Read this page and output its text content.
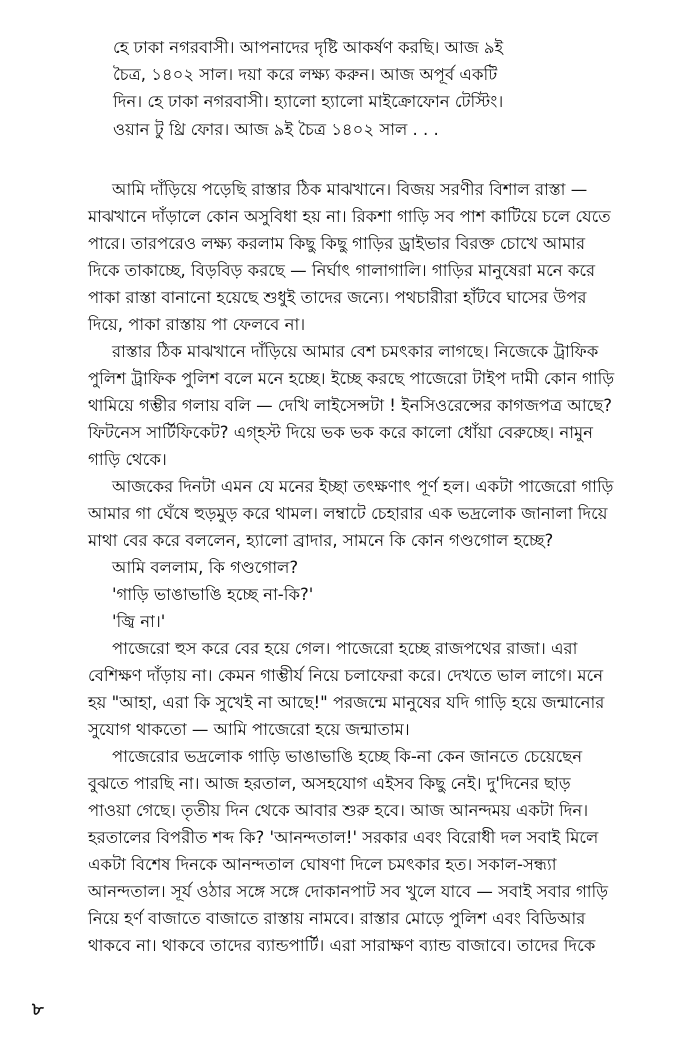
হে ঢাকা নগরবাসী। আপনাদের দৃষ্টি আকর্ষণ করছি। আজ ৯ই
চৈত্র, ১৪০২ সাল। দয়া করে লক্ষ্য করুন। আজ অপূর্ব একটি
দিন। হে ঢাকা নগরবাসী। হ্যালো হ্যালো মাইক্রোফোন টেস্টিং।
ওয়ান টু থ্রি ফোর। আজ ৯ই চৈত্র ১৪০২ সাল . . .
আমি দাঁড়িয়ে পড়েছি রাস্তার ঠিক মাঝখানে। বিজয় সরণীর বিশাল রাস্তা —
মাঝখানে দাঁড়ালে কোন অসুবিধা হয় না। রিকশা গাড়ি সব পাশ কাটিয়ে চলে যেতে
পারে। তারপরেও লক্ষ্য করলাম কিছু কিছু গাড়ির ড্রাইভার বিরক্ত চোখে আমার
দিকে তাকাচ্ছে, বিড়বিড় করছে — নির্ঘাৎ গালাগালি। গাড়ির মানুষেরা মনে করে
পাকা রাস্তা বানানো হয়েছে শুধুই তাদের জন্যে। পথচারীরা হাঁটবে ঘাসের উপর
দিয়ে, পাকা রাস্তায় পা ফেলবে না।
রাস্তার ঠিক মাঝখানে দাঁড়িয়ে আমার বেশ চমৎকার লাগছে। নিজেকে ট্রাফিক
পুলিশ ট্রাফিক পুলিশ বলে মনে হচ্ছে। ইচ্ছে করছে পাজেরো টাইপ দামী কোন গাড়ি
থামিয়ে গম্ভীর গলায় বলি — দেখি লাইসেন্সটা ! ইনসিওরেন্সের কাগজপত্র আছে?
ফিটনেস সার্টিফিকেট? এগ্‌হস্ট দিয়ে ভক ভক করে কালো ধোঁয়া বেরুচ্ছে। নামুন
গাড়ি থেকে।
আজকের দিনটা এমন যে মনের ইচ্ছা তৎক্ষণাৎ পূর্ণ হল। একটা পাজেরো গাড়ি
আমার গা ঘেঁষে হুড়মুড় করে থামল। লম্বাটে চেহারার এক ভদ্রলোক জানালা দিয়ে
মাথা বের করে বললেন, হ্যালো ব্রাদার, সামনে কি কোন গণ্ডগোল হচ্ছে?
আমি বললাম, কি গণ্ডগোল?
'গাড়ি ভাঙাভাঙি হচ্ছে না-কি?'
'জ্বি না।'
পাজেরো হুস করে বের হয়ে গেল। পাজেরো হচ্ছে রাজপথের রাজা। এরা
বেশিক্ষণ দাঁড়ায় না। কেমন গাম্ভীর্য নিয়ে চলাফেরা করে। দেখতে ভাল লাগে। মনে
হয় "আহা, এরা কি সুখেই না আছে!" পরজন্মে মানুষের যদি গাড়ি হয়ে জন্মানোর
সুযোগ থাকতো — আমি পাজেরো হয়ে জন্মাতাম।
পাজেরোর ভদ্রলোক গাড়ি ভাঙাভাঙি হচ্ছে কি-না কেন জানতে চেয়েছেন
বুঝতে পারছি না। আজ হরতাল, অসহযোগ এইসব কিছু নেই। দু'দিনের ছাড়
পাওয়া গেছে। তৃতীয় দিন থেকে আবার শুরু হবে। আজ আনন্দময় একটা দিন।
হরতালের বিপরীত শব্দ কি? 'আনন্দতাল!' সরকার এবং বিরোধী দল সবাই মিলে
একটা বিশেষ দিনকে আনন্দতাল ঘোষণা দিলে চমৎকার হত। সকাল-সন্ধ্যা
আনন্দতাল। সূর্য ওঠার সঙ্গে সঙ্গে দোকানপাট সব খুলে যাবে — সবাই সবার গাড়ি
নিয়ে হর্ণ বাজাতে বাজাতে রাস্তায় নামবে। রাস্তার মোড়ে পুলিশ এবং বিডিআর
থাকবে না। থাকবে তাদের ব্যান্ডপার্টি। এরা সারাক্ষণ ব্যান্ড বাজাবে। তাদের দিকে
৮
